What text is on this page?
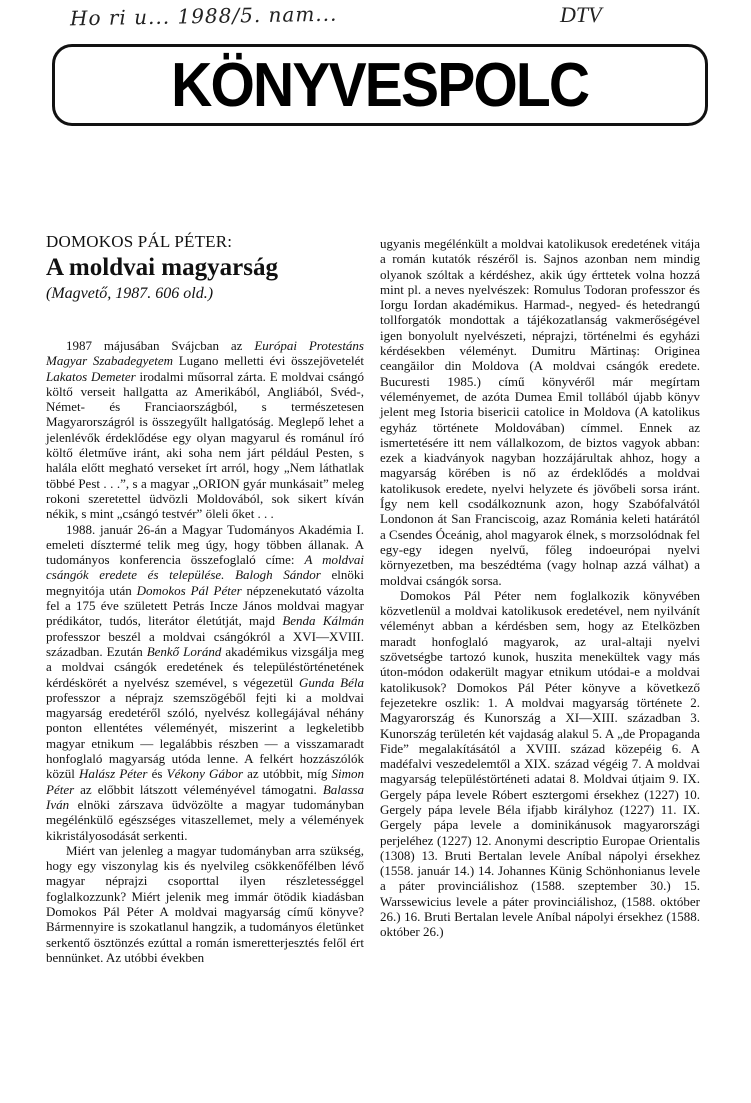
Ho ri u... 1988/5. nam...	DTV
KÖNYVESPOLC
DOMOKOS PÁL PÉTER:
A moldvai magyarság
(Magvető, 1987. 606 old.)

1987 májusában Svájcban az Európai Protestáns Magyar Szabadegyetem Lugano melletti évi összejövetelét Lakatos Demeter irodalmi műsorral zárta. E moldvai csángó költő verseit hallgatta az Amerikából, Angliából, Svéd-, Német- és Franciaországból, s természetesen Magyarországról is összegyűlt hallgatóság. Meglepő lehet a jelenlévők érdeklődése egy olyan magyarul és románul író költő életműve iránt, aki soha nem járt például Pesten, s halála előtt megható verseket írt arról, hogy „Nem láthatlak többé Pest . . .”, s a magyar „ORION gyár munkásait” meleg rokoni szeretettel üdvözli Moldovából, sok sikert kíván nékik, s mint „csángó testvér” öleli őket . . .

1988. január 26-án a Magyar Tudományos Akadémia I. emeleti dísztermé telik meg úgy, hogy többen állanak. A tudományos konferencia összefoglaló címe: A moldvai csángók eredete és települése. Balogh Sándor elnöki megnyitója után Domokos Pál Péter népzenekutató vázolta fel a 175 éve született Petrás Incze János moldvai magyar prédikátor, tudós, literátor életútját, majd Benda Kálmán professzor beszél a moldvai csángókról a XVI—XVIII. században. Ezután Benkő Loránd akadémikus vizsgálja meg a moldvai csángók eredetének és településtörténetének kérdéskörét a nyelvész szemével, s végezetül Gunda Béla professzor a néprajz szemszögéből fejti ki a moldvai magyarság eredetéről szóló, nyelvész kollegájával néhány ponton ellentétes véleményét, miszerint a legkeletibb magyar etnikum — legalábbis részben — a visszamaradt honfoglaló magyarság utóda lenne. A felkért hozzászólók közül Halász Péter és Vékony Gábor az utóbbit, míg Simon Péter az előbbit látszott véleményével támogatni. Balassa Iván elnöki zárszava üdvözölte a magyar tudományban megélénkülő egészséges vitaszellemet, mely a vélemények kikristályosodását serkenti.

Miért van jelenleg a magyar tudományban arra szükség, hogy egy viszonylag kis és nyelvileg csökkenőfélben lévő magyar néprajzi csoporttal ilyen részletességgel foglalkozzunk? Miért jelenik meg immár ötödik kiadásban Domokos Pál Péter A moldvai magyarság című könyve? Bármennyire is szokatlanul hangzik, a tudományos életünket serkentő ösztönzés ezúttal a román ismeretterjesztés felől ért bennünket. Az utóbbi években

ugyanis megélénkült a moldvai katolikusok eredetének vitája a román kutatók részéről is. Sajnos azonban nem mindig olyanok szóltak a kérdéshez, akik úgy érttetek volna hozzá mint pl. a neves nyelvészek: Romulus Todoran professzor és Iorgu Iordan akadémikus. Harmad-, negyed- és hetedrangú tollforgatók mondottak a tájékozatlanság vakmerőségével igen bonyolult nyelvészeti, néprajzi, történelmi és egyházi kérdésekben véleményt. Dumitru Mărtinaș: Originea ceangăilor din Moldova (A moldvai csángók eredete. Bucuresti 1985.) című könyvéről már megírtam véleményemet, de azóta Dumea Emil tollából újabb könyv jelent meg Istoria bisericii catolice in Moldova (A katolikus egyház története Moldovában) címmel. Ennek az ismertetésére itt nem vállalkozom, de biztos vagyok abban: ezek a kiadványok nagyban hozzájárultak ahhoz, hogy a magyarság körében is nő az érdeklődés a moldvai katolikusok eredete, nyelvi helyzete és jövőbeli sorsa iránt. Így nem kell csodálkoznunk azon, hogy Szabófalvától Londonon át San Franciscoig, azaz Románia keleti határától a Csendes Óceánig, ahol magyarok élnek, s morzsolódnak fel egy-egy idegen nyelvű, főleg indoeurópai nyelvi környezetben, ma beszédtéma (vagy holnap azzá válhat) a moldvai csángók sorsa.

Domokos Pál Péter nem foglalkozik könyvében közvetlenül a moldvai katolikusok eredetével, nem nyilvánít véleményt abban a kérdésben sem, hogy az Etelközben maradt honfoglaló magyarok, az ural-altaji nyelvi szövetségbe tartozó kunok, huszita menekültek vagy más úton-módon odakerült magyar etnikum utódai-e a moldvai katolikusok? Domokos Pál Péter könyve a következő fejezetekre oszlik: 1. A moldvai magyarság története 2. Magyarország és Kunország a XI—XIII. században 3. Kunország területén két vajdaság alakul 5. A „de Propaganda Fide” megalakításától a XVIII. század közepéig 6. A madéfalvi veszedelemtől a XIX. század végéig 7. A moldvai magyarság településtörténeti adatai 8. Moldvai útjaim 9. IX. Gergely pápa levele Róbert esztergomi érsekhez (1227) 10. Gergely pápa levele Béla ifjabb királyhoz (1227) 11. IX. Gergely pápa levele a dominikánusok magyarországi perjeléhez (1227) 12. Anonymi descriptio Europae Orientalis (1308) 13. Bruti Bertalan levele Aníbal nápolyi érsekhez (1558. január 14.) 14. Johannes Künig Schönhonianus levele a páter provinciálishoz (1588. szeptember 30.) 15. Warssewicius levele a páter provinciálishoz, (1588. október 26.) 16. Bruti Bertalan levele Aníbal nápolyi érsekhez (1588. október 26.)
